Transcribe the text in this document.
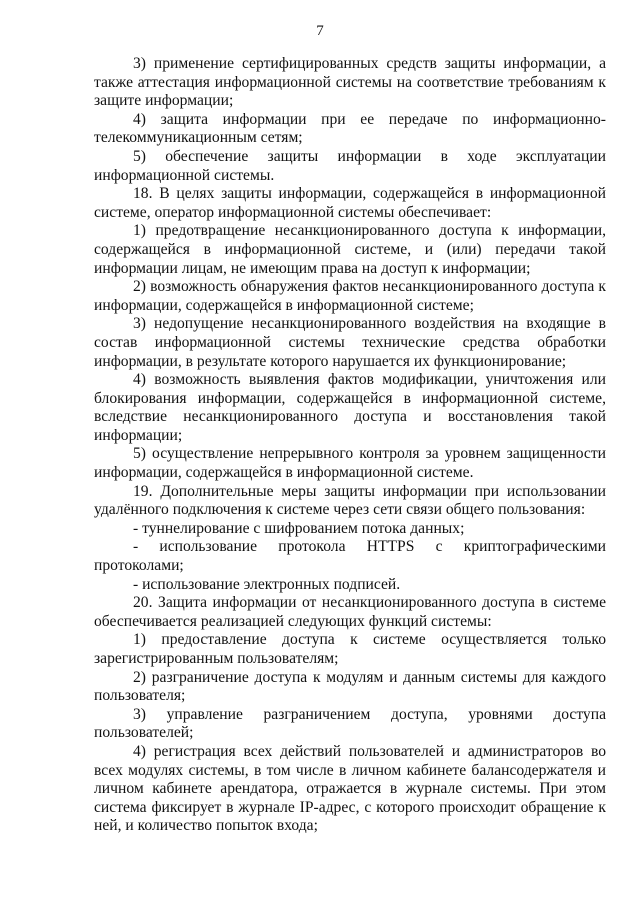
7

3) применение сертифицированных средств защиты информации, а также аттестация информационной системы на соответствие требованиям к защите информации;

4) защита информации при ее передаче по информационно-телекоммуникационным сетям;

5) обеспечение защиты информации в ходе эксплуатации информационной системы.

18. В целях защиты информации, содержащейся в информационной системе, оператор информационной системы обеспечивает:

1) предотвращение несанкционированного доступа к информации, содержащейся в информационной системе, и (или) передачи такой информации лицам, не имеющим права на доступ к информации;

2) возможность обнаружения фактов несанкционированного доступа к информации, содержащейся в информационной системе;

3) недопущение несанкционированного воздействия на входящие в состав информационной системы технические средства обработки информации, в результате которого нарушается их функционирование;

4) возможность выявления фактов модификации, уничтожения или блокирования информации, содержащейся в информационной системе, вследствие несанкционированного доступа и восстановления такой информации;

5) осуществление непрерывного контроля за уровнем защищенности информации, содержащейся в информационной системе.

19. Дополнительные меры защиты информации при использовании удалённого подключения к системе через сети связи общего пользования:

- туннелирование с шифрованием потока данных;

- использование протокола HTTPS с криптографическими протоколами;

- использование электронных подписей.

20. Защита информации от несанкционированного доступа в системе обеспечивается реализацией следующих функций системы:

1) предоставление доступа к системе осуществляется только зарегистрированным пользователям;

2) разграничение доступа к модулям и данным системы для каждого пользователя;

3) управление разграничением доступа, уровнями доступа пользователей;

4) регистрация всех действий пользователей и администраторов во всех модулях системы, в том числе в личном кабинете балансодержателя и личном кабинете арендатора, отражается в журнале системы. При этом система фиксирует в журнале IP-адрес, с которого происходит обращение к ней, и количество попыток входа;
